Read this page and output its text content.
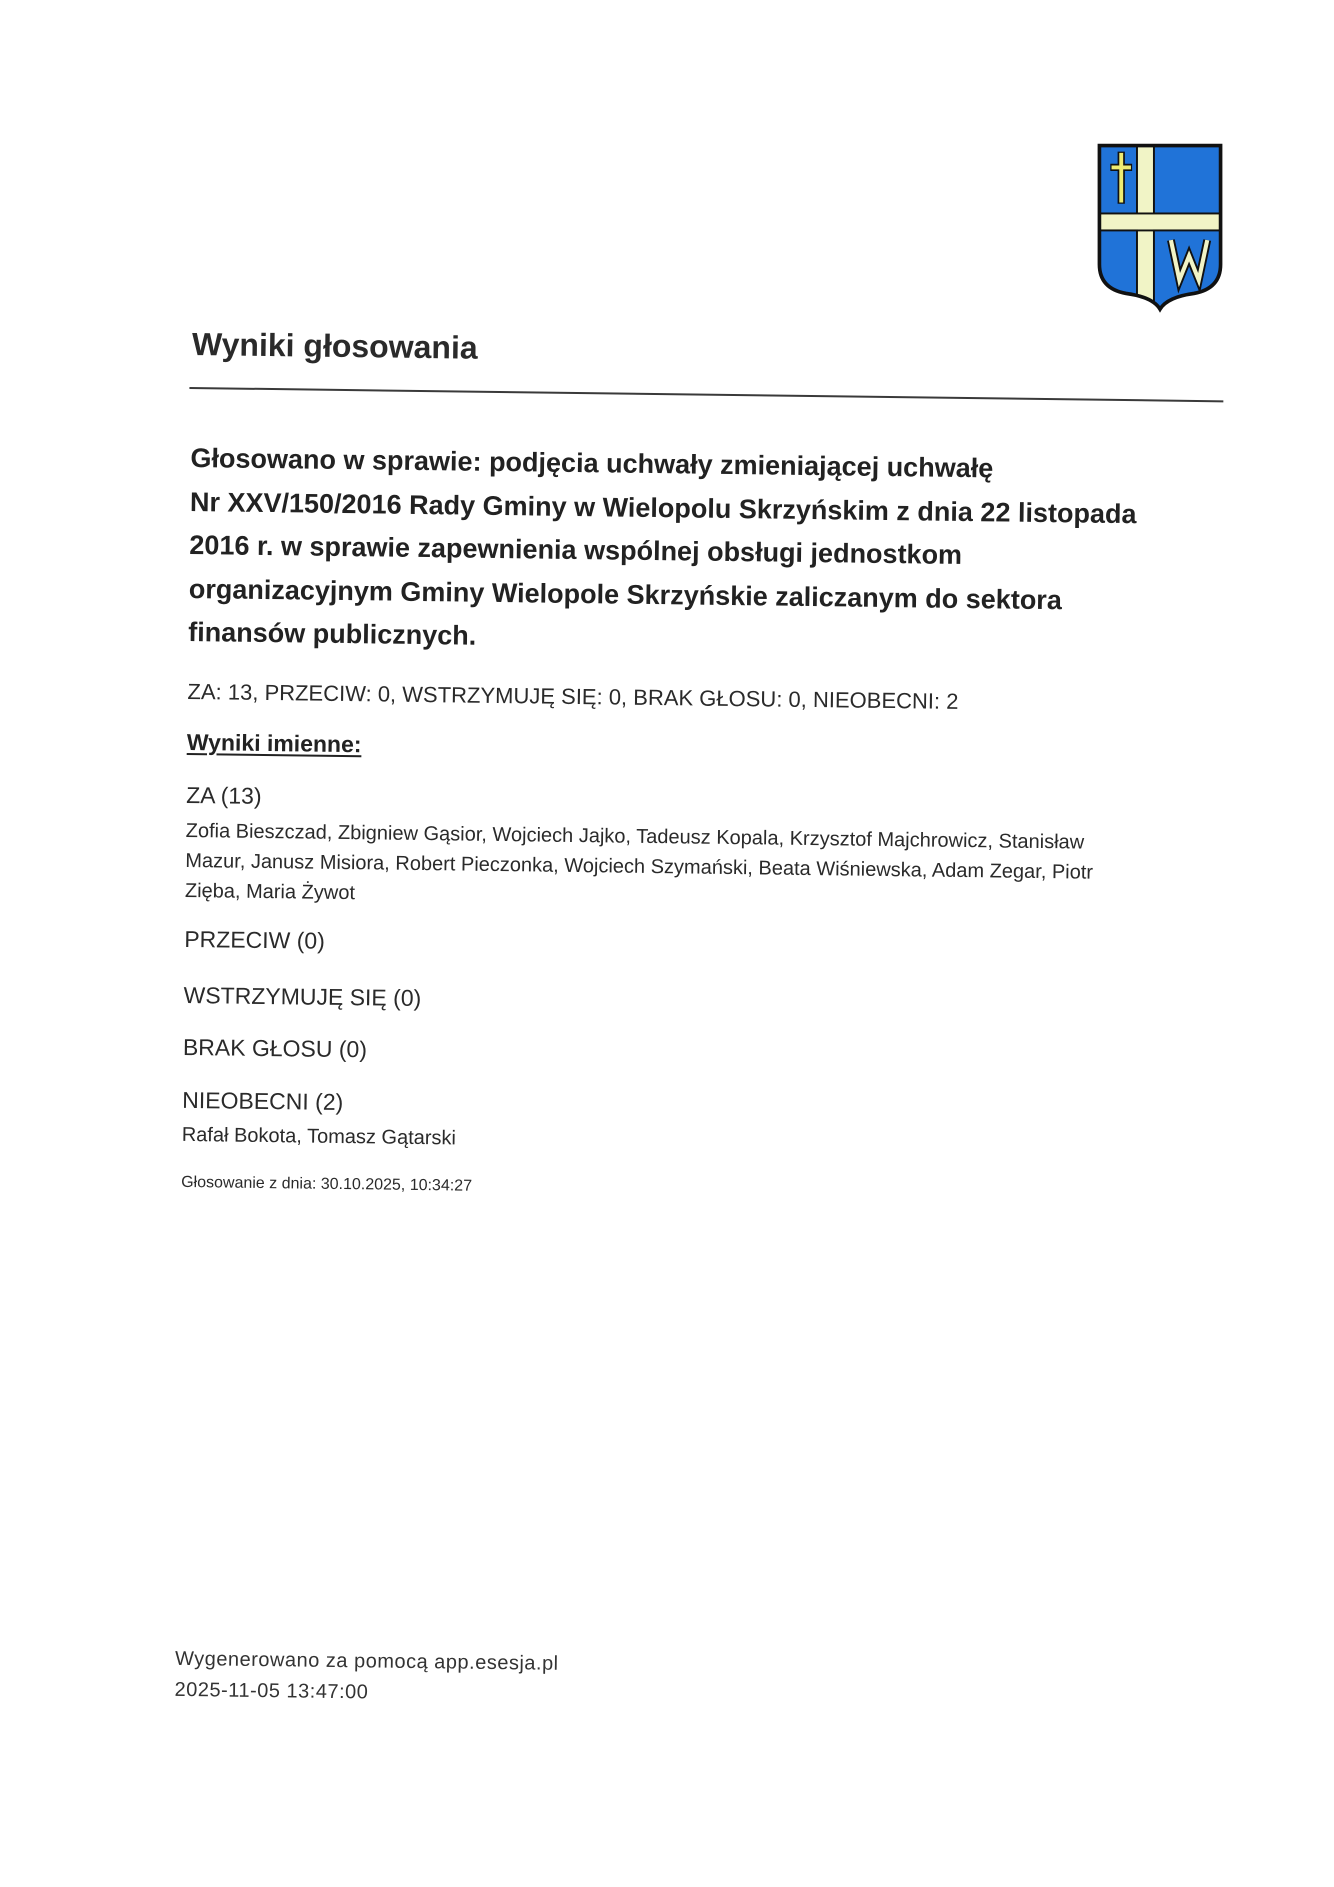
Wyniki głosowania
Głosowano w sprawie: podjęcia uchwały zmieniającej uchwałę
Nr XXV/150/2016 Rady Gminy w Wielopolu Skrzyńskim z dnia 22 listopada
2016 r. w sprawie zapewnienia wspólnej obsługi jednostkom
organizacyjnym Gminy Wielopole Skrzyńskie zaliczanym do sektora
finansów publicznych.
ZA: 13, PRZECIW: 0, WSTRZYMUJĘ SIĘ: 0, BRAK GŁOSU: 0, NIEOBECNI: 2
Wyniki imienne:
ZA (13)
Zofia Bieszczad, Zbigniew Gąsior, Wojciech Jajko, Tadeusz Kopala, Krzysztof Majchrowicz, Stanisław
Mazur, Janusz Misiora, Robert Pieczonka, Wojciech Szymański, Beata Wiśniewska, Adam Zegar, Piotr
Zięba, Maria Żywot
PRZECIW (0)
WSTRZYMUJĘ SIĘ (0)
BRAK GŁOSU (0)
NIEOBECNI (2)
Rafał Bokota, Tomasz Gątarski
Głosowanie z dnia: 30.10.2025, 10:34:27
Wygenerowano za pomocą app.esesja.pl
2025-11-05 13:47:00
